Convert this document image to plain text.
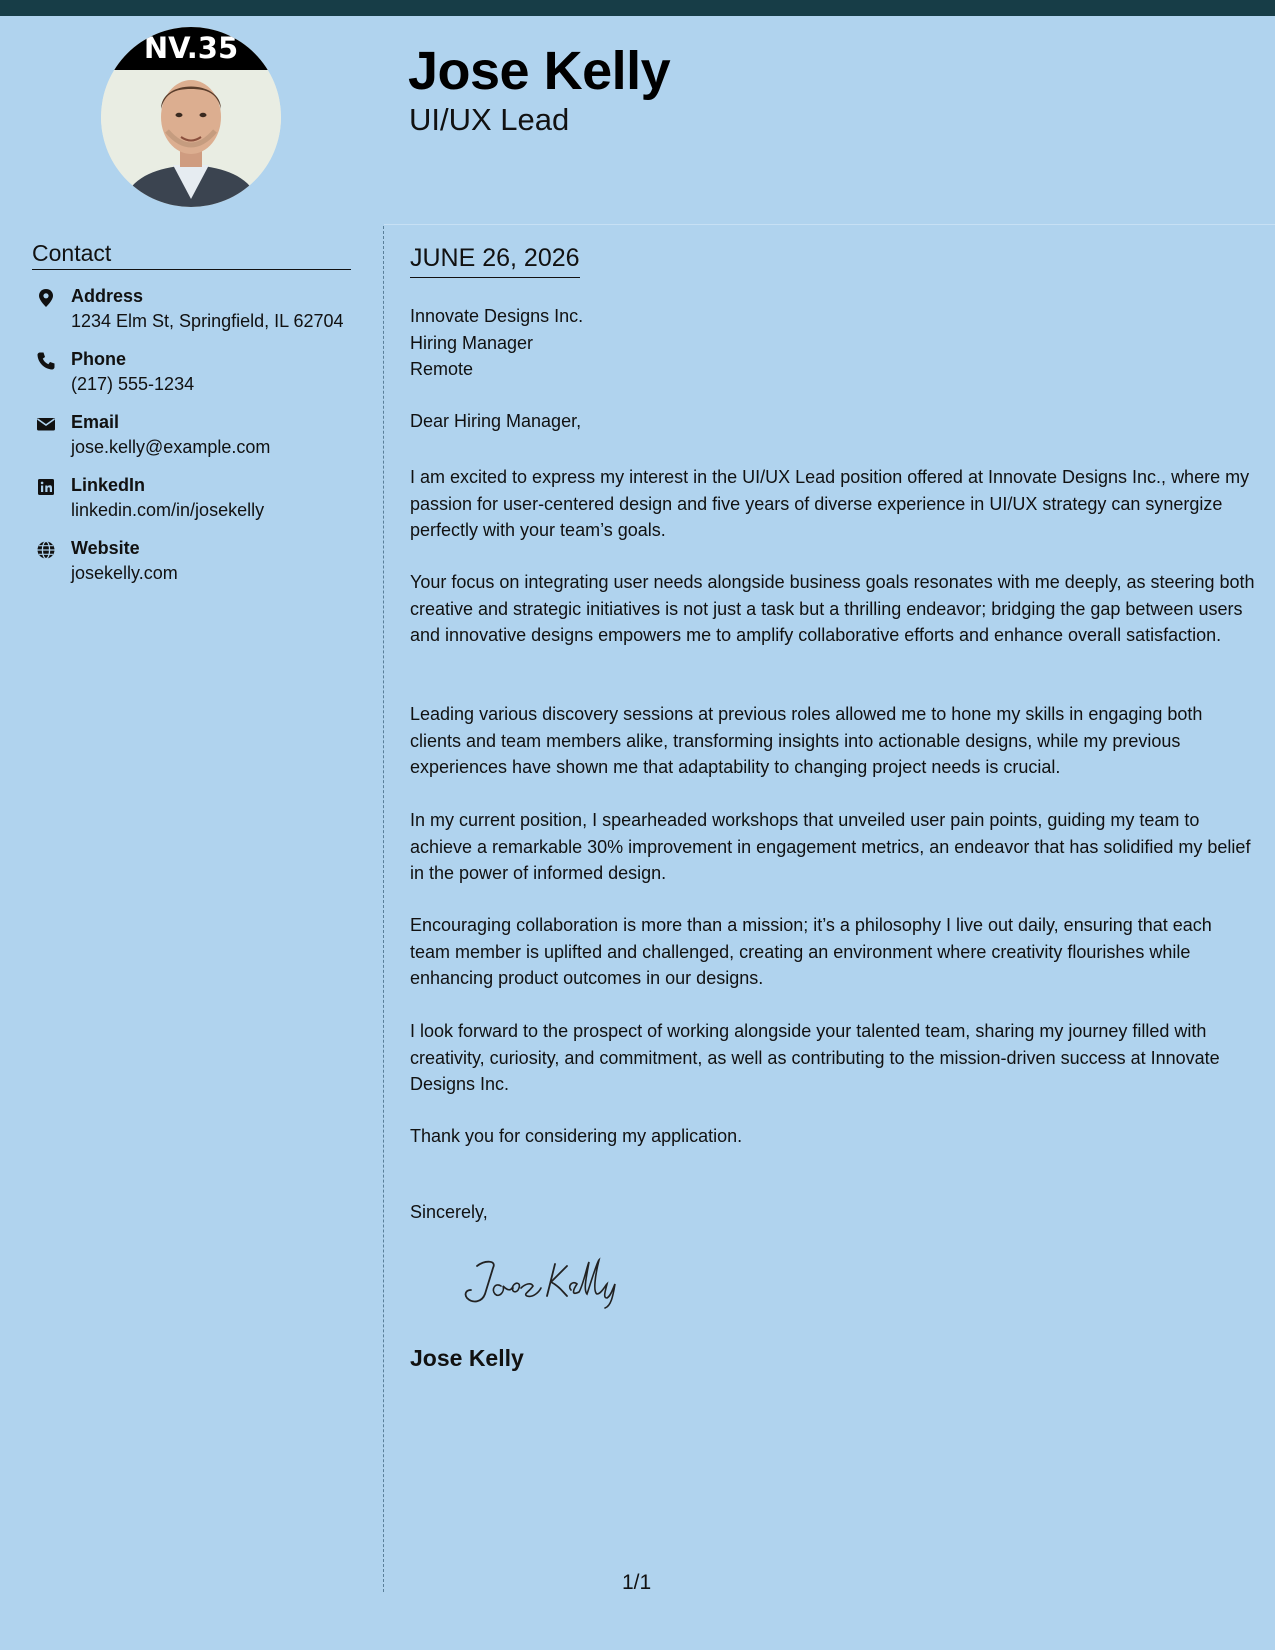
NV.35	Jose Kelly
UI/UX Lead
Contact
Address
1234 Elm St, Springfield, IL 62704
Phone
(217) 555-1234
Email
jose.kelly@example.com
LinkedIn
linkedin.com/in/josekelly
Website
josekelly.com
JUNE 26, 2026
Innovate Designs Inc.
Hiring Manager
Remote
Dear Hiring Manager,
I am excited to express my interest in the UI/UX Lead position offered at Innovate Designs Inc., where my passion for user-centered design and five years of diverse experience in UI/UX strategy can synergize perfectly with your team’s goals.
Your focus on integrating user needs alongside business goals resonates with me deeply, as steering both creative and strategic initiatives is not just a task but a thrilling endeavor; bridging the gap between users and innovative designs empowers me to amplify collaborative efforts and enhance overall satisfaction.
Leading various discovery sessions at previous roles allowed me to hone my skills in engaging both clients and team members alike, transforming insights into actionable designs, while my previous experiences have shown me that adaptability to changing project needs is crucial.
In my current position, I spearheaded workshops that unveiled user pain points, guiding my team to achieve a remarkable 30% improvement in engagement metrics, an endeavor that has solidified my belief in the power of informed design.
Encouraging collaboration is more than a mission; it’s a philosophy I live out daily, ensuring that each team member is uplifted and challenged, creating an environment where creativity flourishes while enhancing product outcomes in our designs.
I look forward to the prospect of working alongside your talented team, sharing my journey filled with creativity, curiosity, and commitment, as well as contributing to the mission-driven success at Innovate Designs Inc.
Thank you for considering my application.
Sincerely,
Jose Kelly
1/1
